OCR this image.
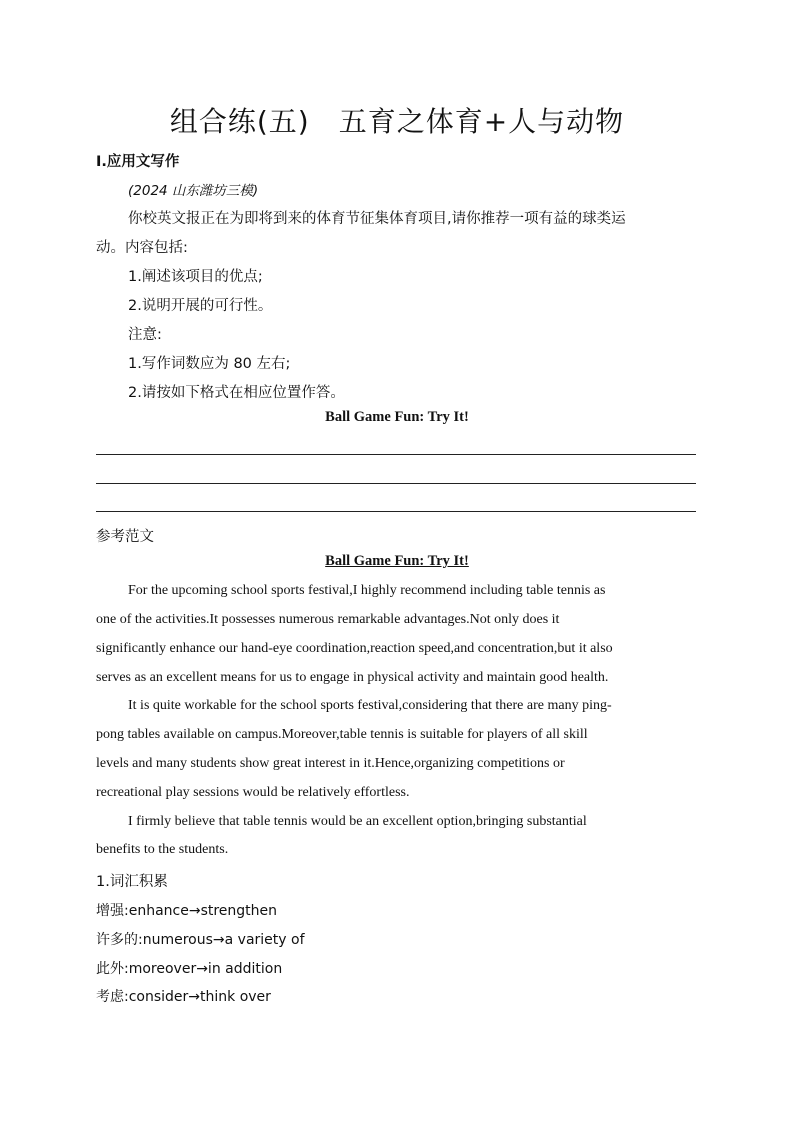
组合练(五)　五育之体育+人与动物
Ⅰ.应用文写作
(2024 山东潍坊三模)
你校英文报正在为即将到来的体育节征集体育项目,请你推荐一项有益的球类运
动。内容包括:
1.阐述该项目的优点;
2.说明开展的可行性。
注意:
1.写作词数应为 80 左右;
2.请按如下格式在相应位置作答。
Ball Game Fun: Try It!
参考范文
Ball Game Fun: Try It!
For the upcoming school sports festival,I highly recommend including table tennis as
one of the activities.It possesses numerous remarkable advantages.Not only does it
significantly enhance our hand-eye coordination,reaction speed,and concentration,but it also
serves as an excellent means for us to engage in physical activity and maintain good health.
It is quite workable for the school sports festival,considering that there are many ping-
pong tables available on campus.Moreover,table tennis is suitable for players of all skill
levels and many students show great interest in it.Hence,organizing competitions or
recreational play sessions would be relatively effortless.
I firmly believe that table tennis would be an excellent option,bringing substantial
benefits to the students.
1.词汇积累
增强:enhance→strengthen
许多的:numerous→a variety of
此外:moreover→in addition
考虑:consider→think over
